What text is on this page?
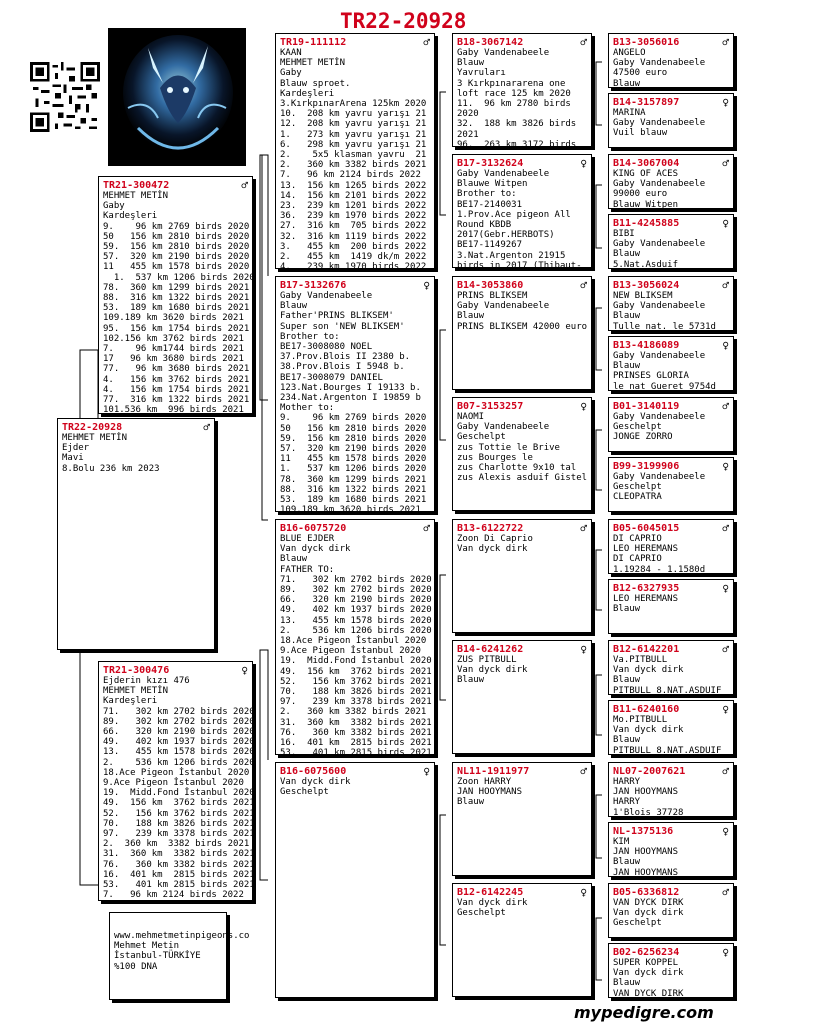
TR22-20928
TR22-20928	♂
MEHMET METİN
Ejder
Mavi
8.Bolu 236 km 2023
TR21-300472	♂
MEHMET METİN
Gaby
Kardeşleri
9.    96 km 2769 birds 2020
50   156 km 2810 birds 2020
59.  156 km 2810 birds 2020
57.  320 km 2190 birds 2020
11   455 km 1578 birds 2020
1.  537 km 1206 birds 2020
78.  360 km 1299 birds 2021
88.  316 km 1322 birds 2021
53.  189 km 1680 birds 2021
109.189 km 3620 birds 2021
95.  156 km 1754 birds 2021
102.156 km 3762 birds 2021
7.    96 km1744 birds 2021
17   96 km 3680 birds 2021
77.   96 km 3680 birds 2021
4.   156 km 3762 birds 2021
4.   156 km 1754 birds 2021
77.  316 km 1322 birds 2021
101.536 km  996 birds 2021
TR21-300476	♀
Ejderin kızı 476
MEHMET METİN
Kardeşleri
71.   302 km 2702 birds 2020
89.   302 km 2702 birds 2020
66.   320 km 2190 birds 2020
49.   402 km 1937 birds 2020
13.   455 km 1578 birds 2020
2.    536 km 1206 birds 2020
18.Ace Pigeon İstanbul 2020
9.Ace Pigeon İstanbul 2020
19.  Midd.Fond İstanbul 2020
49.  156 km  3762 birds 2021
52.   156 km 3762 birds 2021
70.   188 km 3826 birds 2021
97.   239 km 3378 birds 2021
2.  360 km  3382 birds 2021
31.  360 km  3382 birds 2021
76.   360 km 3382 birds 2021
16.  401 km  2815 birds 2021
53.   401 km 2815 birds 2021
7.   96 km 2124 birds 2022
TR19-111112	♂
KAAN
MEHMET METİN
Gaby
Blauw sproet.
Kardeşleri
3.KırkpınarArena 125km 2020
10.  208 km yavru yarışı 21
12.  208 km yavru yarışı 21
1.   273 km yavru yarışı 21
6.   298 km yavru yarışı 21
2.    5x5 klasman yavru  21
2.   360 km 3382 birds 2021
7.   96 km 2124 birds 2022
13.  156 km 1265 birds 2022
14.  156 km 2101 birds 2022
23.  239 km 1201 birds 2022
36.  239 km 1970 birds 2022
27.  316 km  705 birds 2022
32.  316 km 1119 birds 2022
3.   455 km  200 birds 2022
2.   455 km  1419 dk/m 2022
4.   239 km 1970 birds 2022
B17-3132676	♀
Gaby Vandenabeele
Blauw
Father'PRINS BLIKSEM'
Super son 'NEW BLIKSEM'
Brother to:
BE17-3008080 NOEL
37.Prov.Blois II 2380 b.
38.Prov.Blois I 5948 b.
BE17-3008079 DANIEL
123.Nat.Bourges I 19133 b.
234.Nat.Argenton I 19859 b
Mother to:
9.    96 km 2769 birds 2020
50   156 km 2810 birds 2020
59.  156 km 2810 birds 2020
57.  320 km 2190 birds 2020
11   455 km 1578 birds 2020
1.   537 km 1206 birds 2020
78.  360 km 1299 birds 2021
88.  316 km 1322 birds 2021
53.  189 km 1680 birds 2021
109.189 km 3620 birds 2021
B16-6075720	♂
BLUE EJDER
Van dyck dirk
Blauw
FATHER TO:
71.   302 km 2702 birds 2020
89.   302 km 2702 birds 2020
66.   320 km 2190 birds 2020
49.   402 km 1937 birds 2020
13.   455 km 1578 birds 2020
2.    536 km 1206 birds 2020
18.Ace Pigeon İstanbul 2020
9.Ace Pigeon İstanbul 2020
19.  Midd.Fond İstanbul 2020
49.  156 km  3762 birds 2021
52.   156 km 3762 birds 2021
70.   188 km 3826 birds 2021
97.   239 km 3378 birds 2021
2.   360 km 3382 birds 2021
31.  360 km  3382 birds 2021
76.   360 km 3382 birds 2021
16.  401 km  2815 birds 2021
53.   401 km 2815 birds 2021
B16-6075600	♀
Van dyck dirk
Geschelpt
B18-3067142	♂
Gaby Vandenabeele
Blauw
Yavruları
3 Kırkpınararena one
loft race 125 km 2020
11.  96 km 2780 birds
2020
32.  188 km 3826 birds
2021
96.  263 km 3172 birds
B17-3132624	♀
Gaby Vandenabeele
Blauwe Witpen
Brother to:
BE17-2140031
1.Prov.Ace pigeon All
Round KBDB
2017(Gebr.HERBOTS)
BE17-1149267
3.Nat.Argenton 21915
birds in 2017 (Thibaut-
B14-3053860	♂
PRINS BLIKSEM
Gaby Vandenabeele
Blauw
PRINS BLIKSEM 42000 euro
B07-3153257	♀
NAOMI
Gaby Vandenabeele
Geschelpt
zus Tottie le Brive
zus Bourges le
zus Charlotte 9x10 tal
zus Alexis asduif Gistel
B13-6122722	♂
Zoon Di Caprio
Van dyck dirk
B14-6241262	♀
ZUS PITBULL
Van dyck dirk
Blauw
NL11-1911977	♂
Zoon HARRY
JAN HOOYMANS
Blauw
B12-6142245	♀
Van dyck dirk
Geschelpt
B13-3056016	♂
ANGELO
Gaby Vandenabeele
47500 euro
Blauw
B14-3157897	♀
MARINA
Gaby Vandenabeele
Vuil blauw
B14-3067004	♂
KING OF ACES
Gaby Vandenabeele
99000 euro
Blauw Witpen
B11-4245885	♀
BIBI
Gaby Vandenabeele
Blauw
5.Nat.Asduif
B13-3056024	♂
NEW BLIKSEM
Gaby Vandenabeele
Blauw
Tulle nat. le 5731d
B13-4186089	♀
Gaby Vandenabeele
Blauw
PRINSES GLORIA
le nat Gueret 9754d
B01-3140119	♂
Gaby Vandenabeele
Geschelpt
JONGE ZORRO
B99-3199906	♀
Gaby Vandenabeele
Geschelpt
CLEOPATRA
B05-6045015	♂
DI CAPRIO
LEO HEREMANS
DI CAPRIO
1.19284 - 1.1580d
B12-6327935	♀
LEO HEREMANS
Blauw
B12-6142201	♂
Va.PITBULL
Van dyck dirk
Blauw
PITBULL 8.NAT.ASDUIF
B11-6240160	♀
Mo.PITBULL
Van dyck dirk
Blauw
PITBULL 8.NAT.ASDUIF
NL07-2007621	♂
HARRY
JAN HOOYMANS
HARRY
1'Blois 37728
NL-1375136	♀
KIM
JAN HOOYMANS
Blauw
JAN HOOYMANS
B05-6336812	♂
VAN DYCK DIRK
Van dyck dirk
Geschelpt
B02-6256234	♀
SUPER KOPPEL
Van dyck dirk
Blauw
VAN DYCK DIRK
www.mehmetmetinpigeons.co
Mehmet Metin
İstanbul-TÜRKİYE
%100 DNA
mypedigre.com
